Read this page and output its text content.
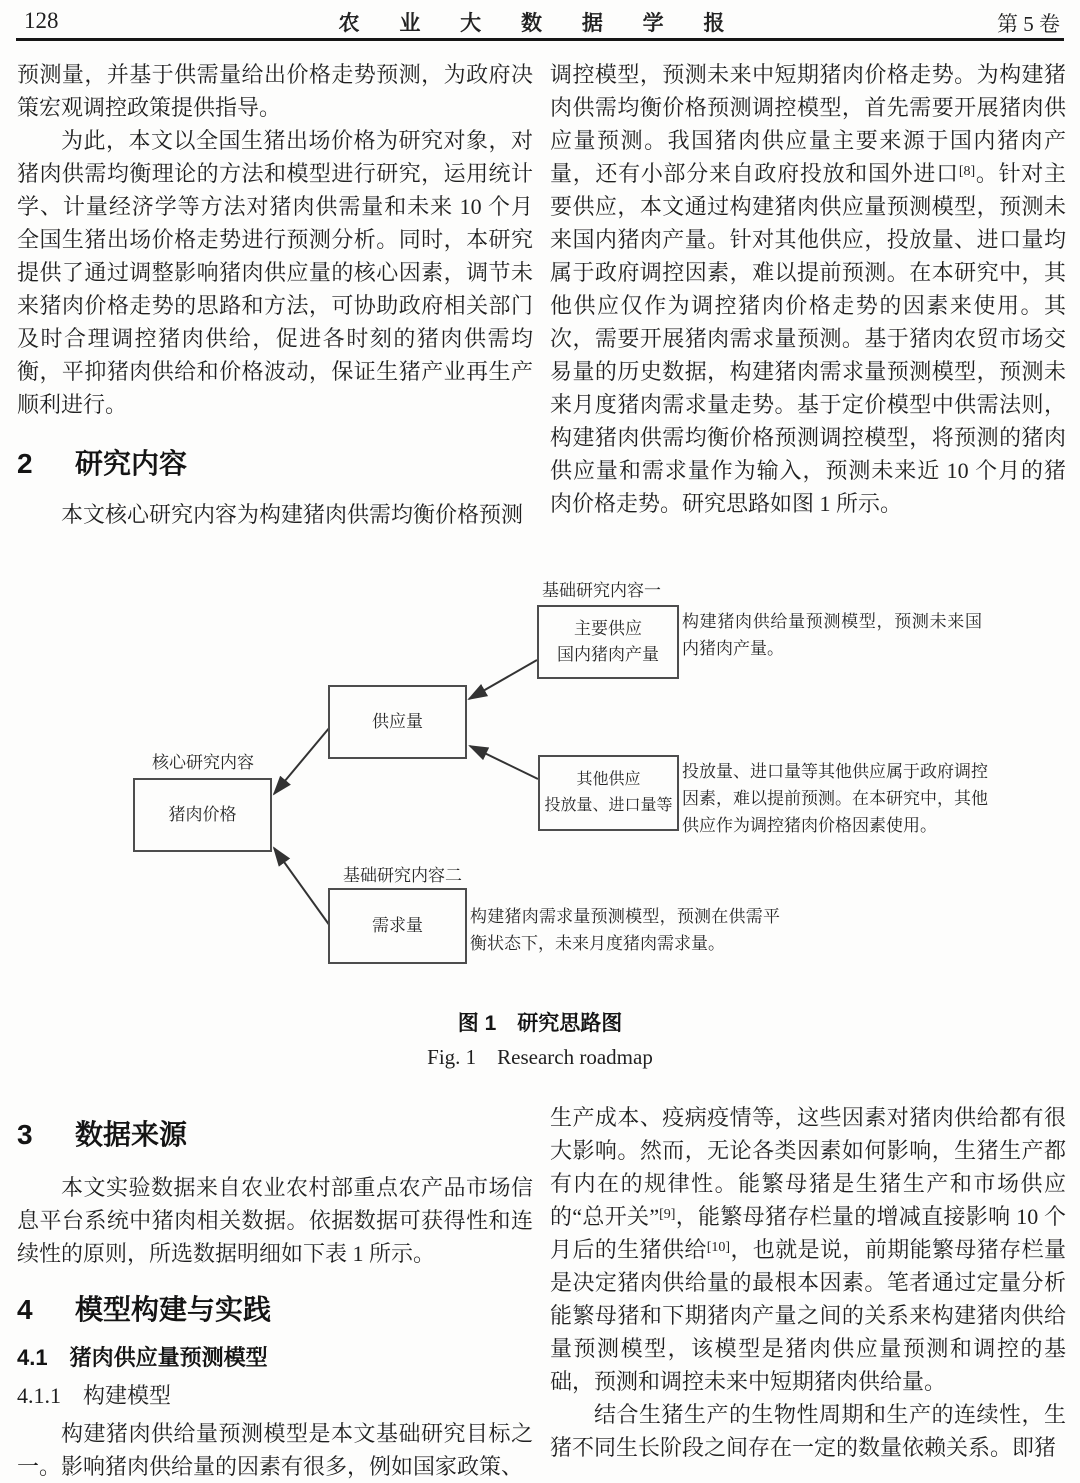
128	农 业 大 数 据 学 报	第 5 卷

预测量，并基于供需量给出价格走势预测，为政府决策宏观调控政策提供指导。

为此，本文以全国生猪出场价格为研究对象，对猪肉供需均衡理论的方法和模型进行研究，运用统计学、计量经济学等方法对猪肉供需量和未来 10 个月全国生猪出场价格走势进行预测分析。同时，本研究提供了通过调整影响猪肉供应量的核心因素，调节未来猪肉价格走势的思路和方法，可协助政府相关部门及时合理调控猪肉供给，促进各时刻的猪肉供需均衡，平抑猪肉供给和价格波动，保证生猪产业再生产顺利进行。

2 研究内容

本文核心研究内容为构建猪肉供需均衡价格预测

调控模型，预测未来中短期猪肉价格走势。为构建猪肉供需均衡价格预测调控模型，首先需要开展猪肉供应量预测。我国猪肉供应量主要来源于国内猪肉产量，还有小部分来自政府投放和国外进口[8]。针对主要供应，本文通过构建猪肉供应量预测模型，预测未来国内猪肉产量。针对其他供应，投放量、进口量均属于政府调控因素，难以提前预测。在本研究中，其他供应仅作为调控猪肉价格走势的因素来使用。其次，需要开展猪肉需求量预测。基于猪肉农贸市场交易量的历史数据，构建猪肉需求量预测模型，预测未来月度猪肉需求量走势。基于定价模型中供需法则，构建猪肉供需均衡价格预测调控模型，将预测的猪肉供应量和需求量作为输入，预测未来近 10 个月的猪肉价格走势。研究思路如图 1 所示。

基础研究内容一
主要供应
国内猪肉产量
构建猪肉供给量预测模型，预测未来国内猪肉产量。
供应量
核心研究内容
猪肉价格
其他供应
投放量、进口量等
投放量、进口量等其他供应属于政府调控因素，难以提前预测。在本研究中，其他供应作为调控猪肉价格因素使用。
基础研究内容二
需求量	构建猪肉需求量预测模型，预测在供需平衡状态下，未来月度猪肉需求量。
图 1　研究思路图
Fig. 1　Research roadmap
3 数据来源

本文实验数据来自农业农村部重点农产品市场信息平台系统中猪肉相关数据。依据数据可获得性和连续性的原则，所选数据明细如下表 1 所示。

4 模型构建与实践
4.1　猪肉供应量预测模型
4.1.1　构建模型

构建猪肉供给量预测模型是本文基础研究目标之一。影响猪肉供给量的因素有很多，例如国家政策、

生产成本、疫病疫情等，这些因素对猪肉供给都有很大影响。然而，无论各类因素如何影响，生猪生产都有内在的规律性。能繁母猪是生猪生产和市场供应的“总开关”[9]，能繁母猪存栏量的增减直接影响 10 个月后的生猪供给[10]，也就是说，前期能繁母猪存栏量是决定猪肉供给量的最根本因素。笔者通过定量分析能繁母猪和下期猪肉产量之间的关系来构建猪肉供给量预测模型，该模型是猪肉供应量预测和调控的基础，预测和调控未来中短期猪肉供给量。

结合生猪生产的生物性周期和生产的连续性，生猪不同生长阶段之间存在一定的数量依赖关系。即猪
